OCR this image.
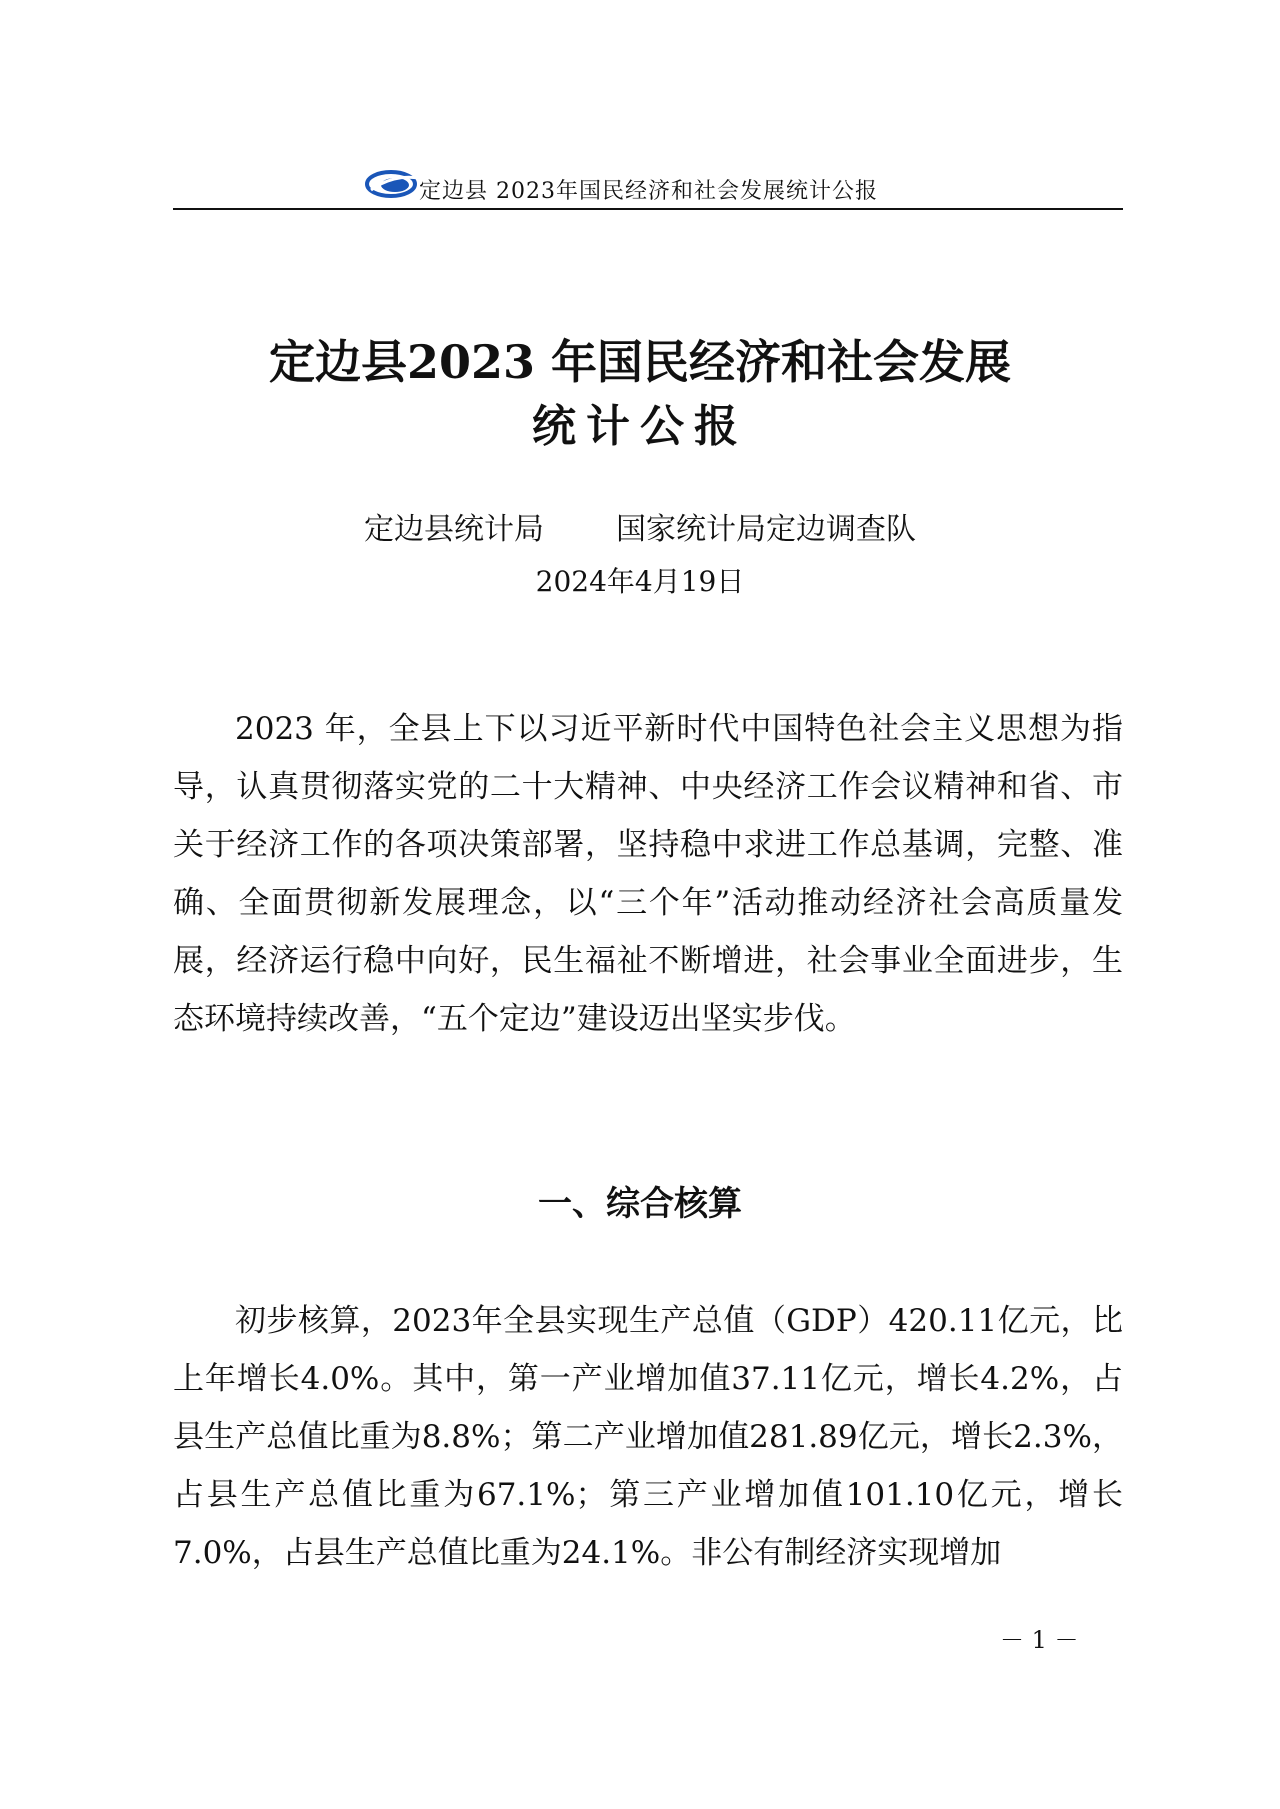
定边县 2023年国民经济和社会发展统计公报
定边县2023 年国民经济和社会发展
统计公报
定边县统计局 国家统计局定边调查队
2024年4月19日

2023 年，全县上下以习近平新时代中国特色社会主义思想为指导，认真贯彻落实党的二十大精神、中央经济工作会议精神和省、市关于经济工作的各项决策部署，坚持稳中求进工作总基调，完整、准确、全面贯彻新发展理念，以“三个年”活动推动经济社会高质量发展，经济运行稳中向好，民生福祉不断增进，社会事业全面进步，生态环境持续改善，“五个定边”建设迈出坚实步伐。

一、综合核算

初步核算，2023年全县实现生产总值（GDP）420.11亿元，比上年增长4.0%。其中，第一产业增加值37.11亿元，增长4.2%，占县生产总值比重为8.8%；第二产业增加值281.89亿元，增长2.3%，占县生产总值比重为67.1%；第三产业增加值101.10亿元，增长7.0%，占县生产总值比重为24.1%。非公有制经济实现增加

－ 1 －
